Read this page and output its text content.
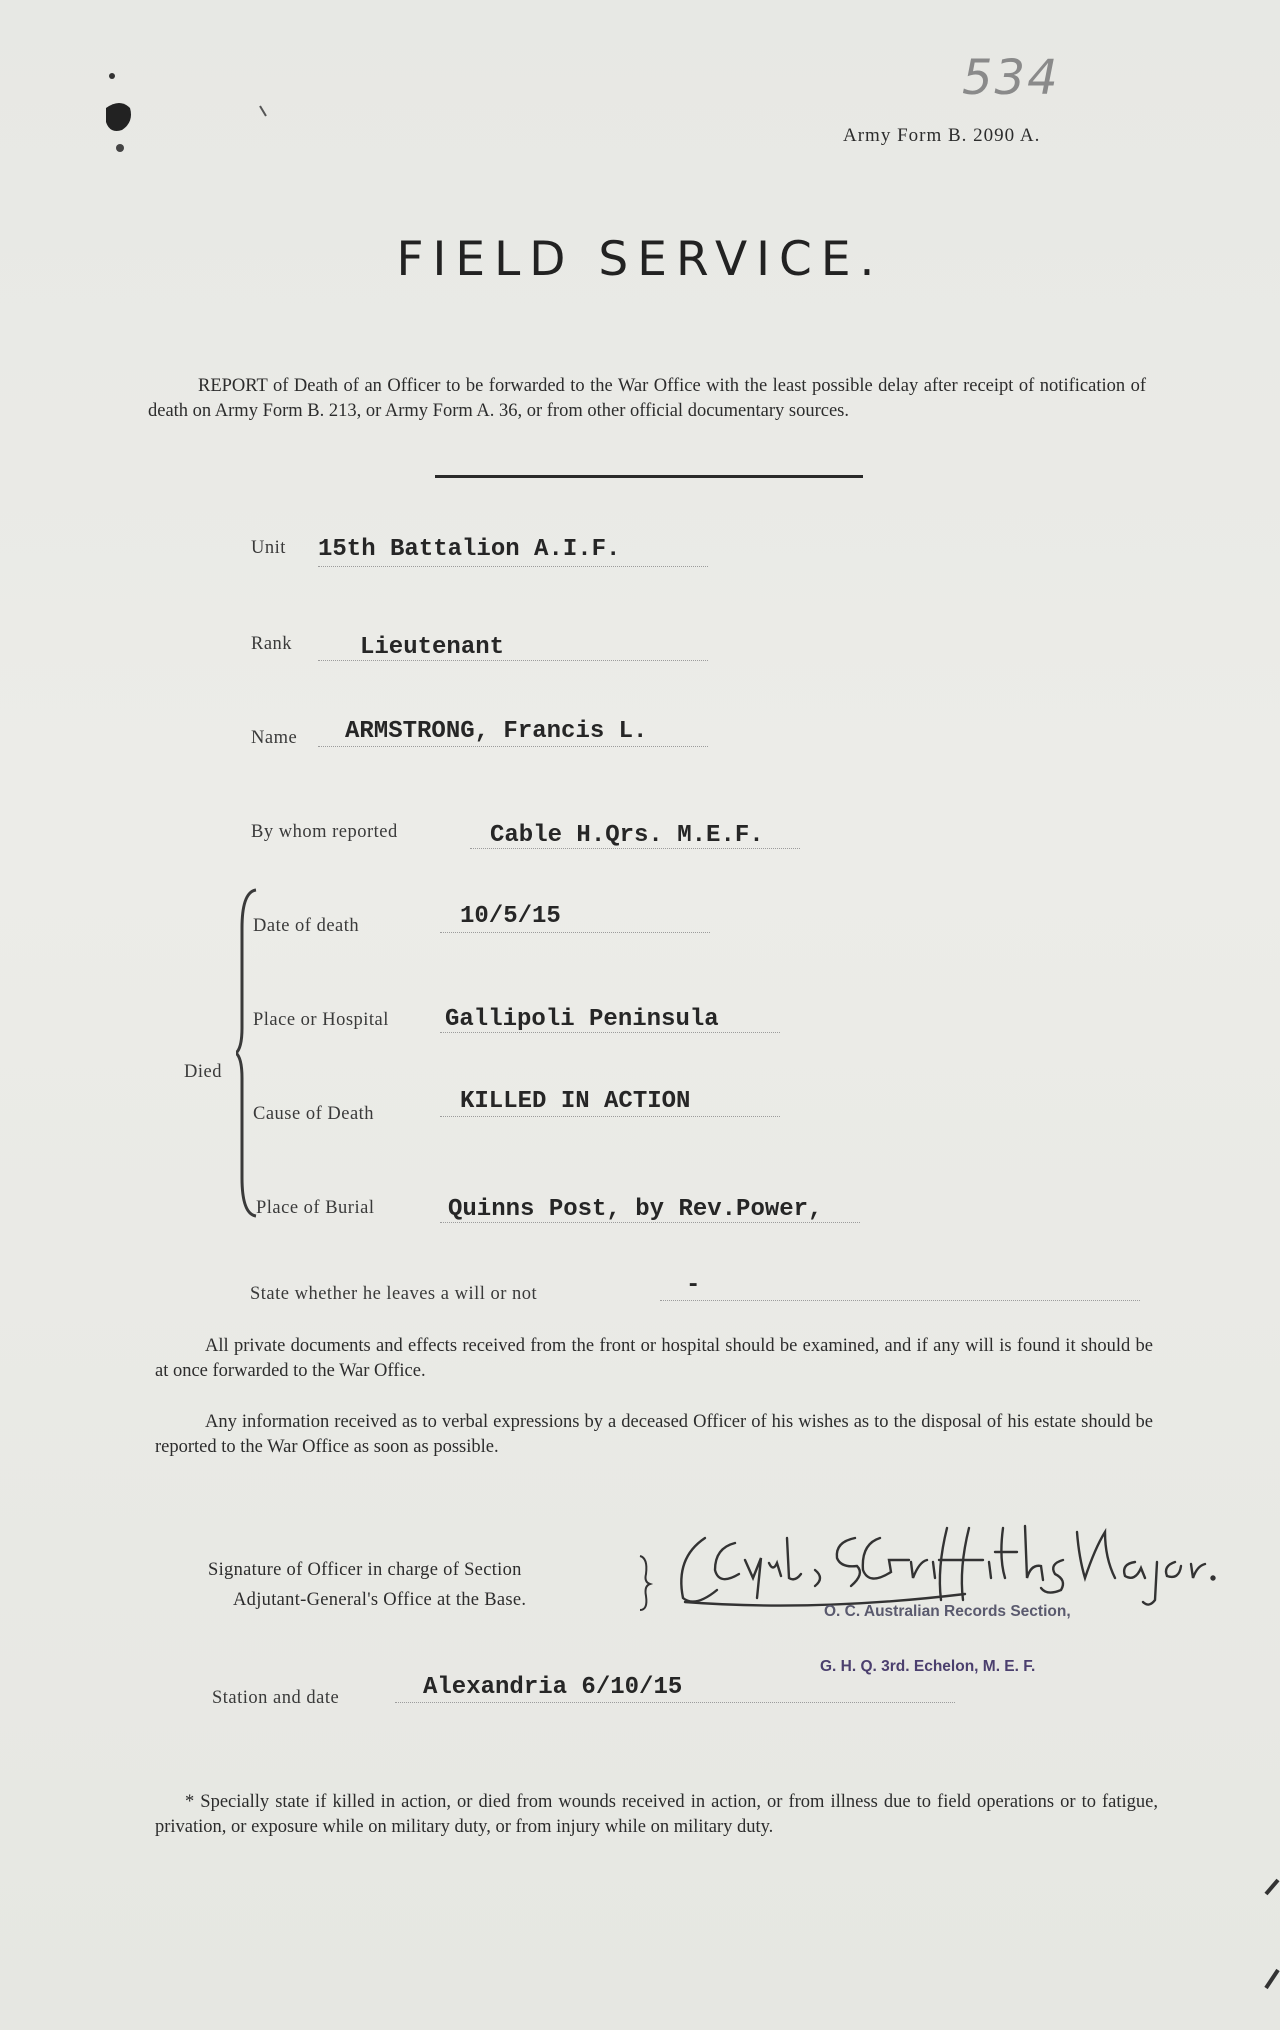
534
Army Form B. 2090 A.
FIELD SERVICE.
REPORT of Death of an Officer to be forwarded to the War Office with the least possible delay after receipt of notification of death on Army Form B. 213, or Army Form A. 36, or from other official documentary sources.
Unit 15th Battalion A.I.F.
Rank	Lieutenant
Name ARMSTRONG, Francis L.
By whom reported	Cable H.Qrs. M.E.F.
Died
Date of death	10/5/15
Place or Hospital Gallipoli Peninsula
Cause of Death	KILLED IN ACTION
Place of Burial	Quinns Post, by Rev.Power,
State whether he leaves a will or not	-
All private documents and effects received from the front or hospital should be examined, and if any will is found it should be at once forwarded to the War Office.
Any information received as to verbal expressions by a deceased Officer of his wishes as to the disposal of his estate should be reported to the War Office as soon as possible.
Signature of Officer in charge of Section
Adjutant-General's Office at the Base.
O. C. Australian Records Section,
G. H. Q. 3rd. Echelon, M. E. F.
Station and date	Alexandria 6/10/15
* Specially state if killed in action, or died from wounds received in action, or from illness due to field operations or to fatigue, privation, or exposure while on military duty, or from injury while on military duty.
